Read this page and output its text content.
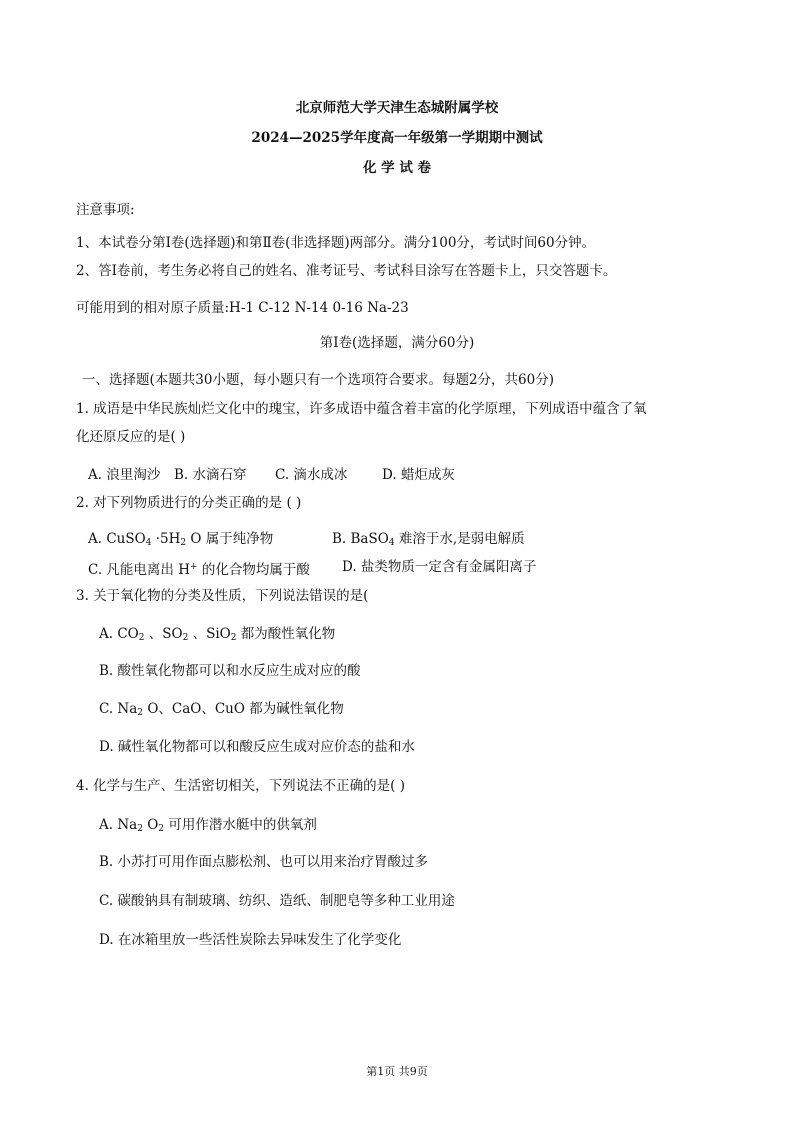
北京师范大学天津生态城附属学校
2024—2025学年度高一年级第一学期期中测试
化 学 试 卷
注意事项:
1、本试卷分第Ⅰ卷(选择题)和第Ⅱ卷(非选择题)两部分。满分100分，考试时间60分钟。
2、答Ⅰ卷前，考生务必将自己的姓名、准考证号、考试科目涂写在答题卡上，只交答题卡。
可能用到的相对原子质量:H-1 C-12 N-14 0-16 Na-23
第Ⅰ卷(选择题，满分60分)
一、选择题(本题共30小题，每小题只有一个选项符合要求。每题2分，共60分)
1. 成语是中华民族灿烂文化中的瑰宝，许多成语中蕴含着丰富的化学原理，下列成语中蕴含了氧
化还原反应的是( )
A. 浪里淘沙 B. 水滴石穿 C. 滴水成冰	D. 蜡炬成灰
2. 对下列物质进行的分类正确的是 ( )
A. CuSO$_4$ $\cdot 5H_2$ O 属于纯净物	B. BaSO$_4$ 难溶于水,是弱电解质
C. 凡能电离出 H+ 的化合物均属于酸 D. 盐类物质一定含有金属阳离子
3. 关于氧化物的分类及性质，下列说法错误的是(
A. $CO_2$ 、$SO_2$ 、SiO$_2$ 都为酸性氧化物
B. 酸性氧化物都可以和水反应生成对应的酸
C. $Na_2$ O、CaO、CuO 都为碱性氧化物
D. 碱性氧化物都可以和酸反应生成对应价态的盐和水
4. 化学与生产、生活密切相关，下列说法不正确的是( )
A. $Na_2$ $O_2$ 可用作潜水艇中的供氧剂
B. 小苏打可用作面点膨松剂、也可以用来治疗胃酸过多
C. 碳酸钠具有制玻璃、纺织、造纸、制肥皂等多种工业用途
D. 在冰箱里放一些活性炭除去异味发生了化学变化
第1页 共9页
